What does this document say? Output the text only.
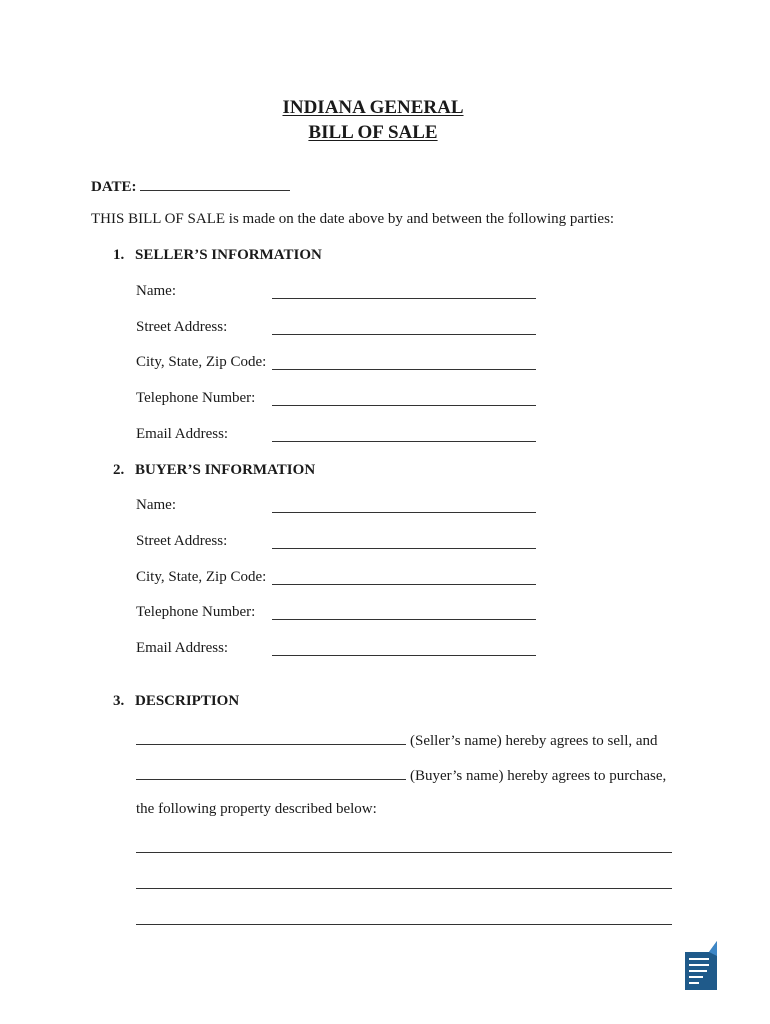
INDIANA GENERAL
BILL OF SALE
DATE:
THIS BILL OF SALE is made on the date above by and between the following parties:
1. SELLER’S INFORMATION
Name:
Street Address:
City, State, Zip Code:
Telephone Number:
Email Address:
2. BUYER’S INFORMATION
Name:
Street Address:
City, State, Zip Code:
Telephone Number:
Email Address:
3. DESCRIPTION
(Seller’s name) hereby agrees to sell, and
(Buyer’s name) hereby agrees to purchase,
the following property described below:
